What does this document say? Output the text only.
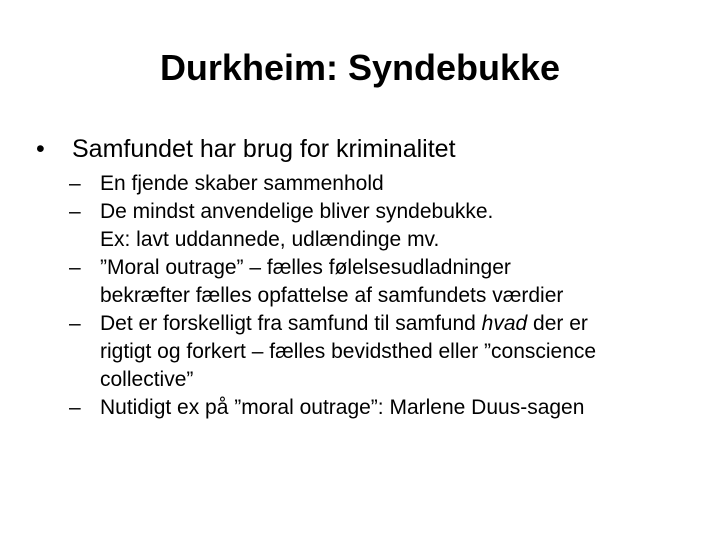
Durkheim: Syndebukke
•	Samfundet har brug for kriminalitet
– En fjende skaber sammenhold
– De mindst anvendelige bliver syndebukke.
Ex: lavt uddannede, udlændinge mv.
– ”Moral outrage” – fælles følelsesudladninger
bekræfter fælles opfattelse af samfundets værdier
– Det er forskelligt fra samfund til samfund hvad der er
rigtigt og forkert – fælles bevidsthed eller ”conscience
collective”
– Nutidigt ex på ”moral outrage”: Marlene Duus-sagen
